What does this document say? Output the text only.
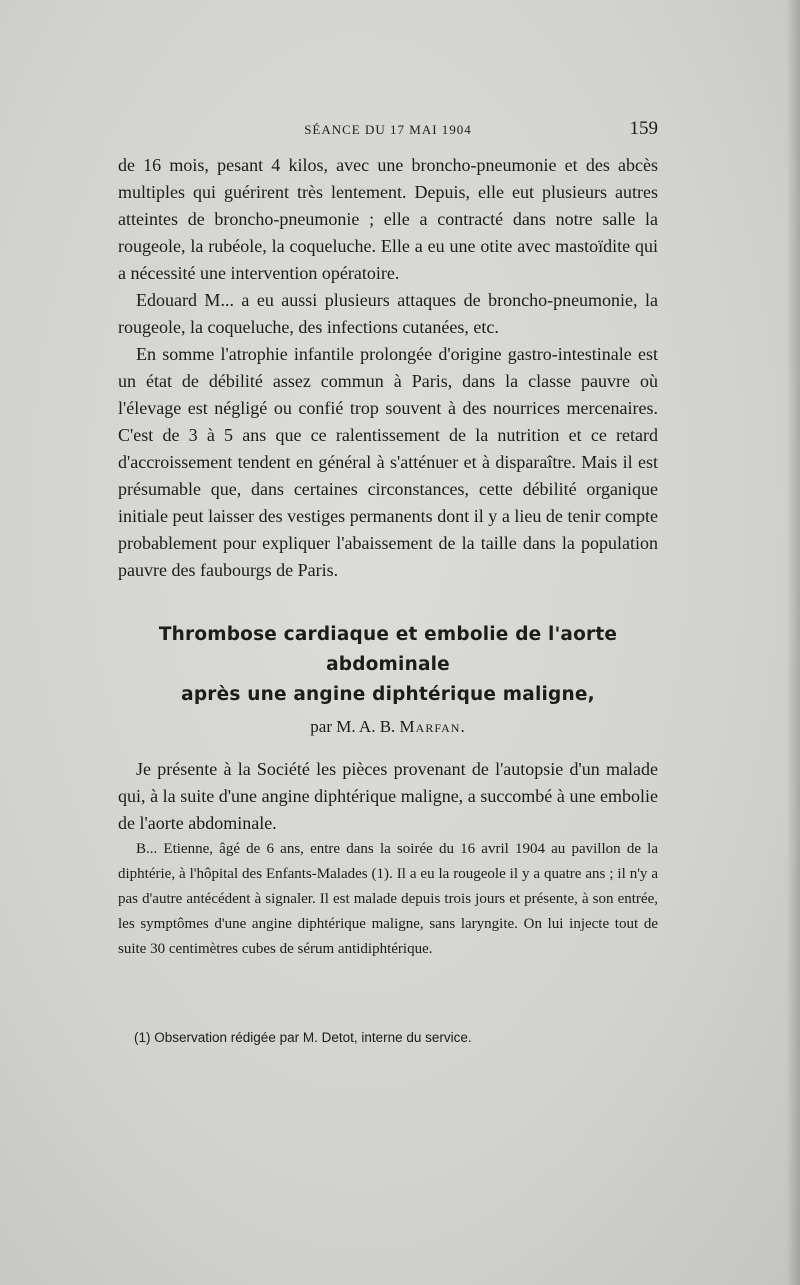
SÉANCE DU 17 MAI 1904	159

de 16 mois, pesant 4 kilos, avec une broncho-pneumonie et des abcès multiples qui guérirent très lentement. Depuis, elle eut plusieurs autres atteintes de broncho-pneumonie ; elle a contracté dans notre salle la rougeole, la rubéole, la coqueluche. Elle a eu une otite avec mastoïdite qui a nécessité une intervention opératoire.

Edouard M... a eu aussi plusieurs attaques de broncho-pneumonie, la rougeole, la coqueluche, des infections cutanées, etc.

En somme l'atrophie infantile prolongée d'origine gastro-intestinale est un état de débilité assez commun à Paris, dans la classe pauvre où l'élevage est négligé ou confié trop souvent à des nourrices mercenaires. C'est de 3 à 5 ans que ce ralentissement de la nutrition et ce retard d'accroissement tendent en général à s'atténuer et à disparaître. Mais il est présumable que, dans certaines circonstances, cette débilité organique initiale peut laisser des vestiges permanents dont il y a lieu de tenir compte probablement pour expliquer l'abaissement de la taille dans la population pauvre des faubourgs de Paris.

Thrombose cardiaque et embolie de l'aorte abdominale
après une angine diphtérique maligne,
par M. A. B. Marfan.

Je présente à la Société les pièces provenant de l'autopsie d'un malade qui, à la suite d'une angine diphtérique maligne, a succombé à une embolie de l'aorte abdominale.

B... Etienne, âgé de 6 ans, entre dans la soirée du 16 avril 1904 au pavillon de la diphtérie, à l'hôpital des Enfants-Malades (1). Il a eu la rougeole il y a quatre ans ; il n'y a pas d'autre antécédent à signaler. Il est malade depuis trois jours et présente, à son entrée, les symptômes d'une angine diphtérique maligne, sans laryngite. On lui injecte tout de suite 30 centimètres cubes de sérum antidiphtérique.

(1) Observation rédigée par M. Detot, interne du service.
